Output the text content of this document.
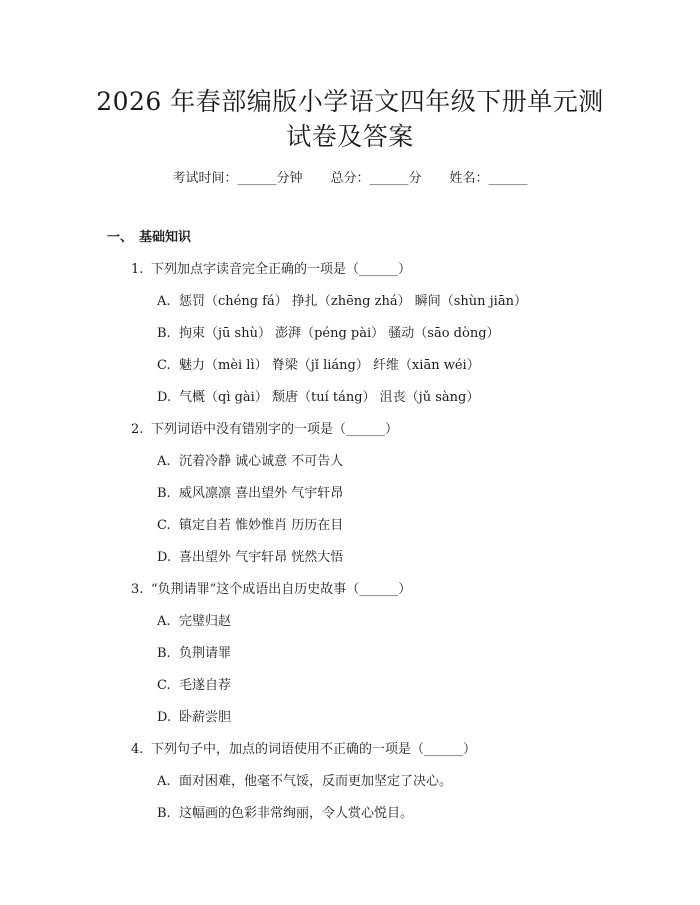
2026 年春部编版小学语文四年级下册单元测
试卷及答案
考试时间：______分钟 总分：______分 姓名：______
一、 基础知识
1. 下列加点字读音完全正确的一项是（______）
A. 惩罚（chéng fá） 挣扎（zhēng zhá） 瞬间（shùn jiān）
B. 拘束（jū shù） 澎湃（péng pài） 骚动（sāo dòng）
C. 魅力（mèi lì） 脊梁（jǐ liáng） 纤维（xiān wéi）
D. 气概（qì gài） 颓唐（tuí táng） 沮丧（jǔ sàng）
2. 下列词语中没有错别字的一项是（______）
A. 沉着冷静 诚心诚意 不可告人
B. 威风凛凛 喜出望外 气宇轩昂
C. 镇定自若 惟妙惟肖 历历在目
D. 喜出望外 气宇轩昂 恍然大悟
3. “负荆请罪”这个成语出自历史故事（______）
A. 完璧归赵
B. 负荆请罪
C. 毛遂自荐
D. 卧薪尝胆
4. 下列句子中，加点的词语使用不正确的一项是（______）
A. 面对困难，他毫不气馁，反而更加坚定了决心。
B. 这幅画的色彩非常绚丽，令人赏心悦目。
